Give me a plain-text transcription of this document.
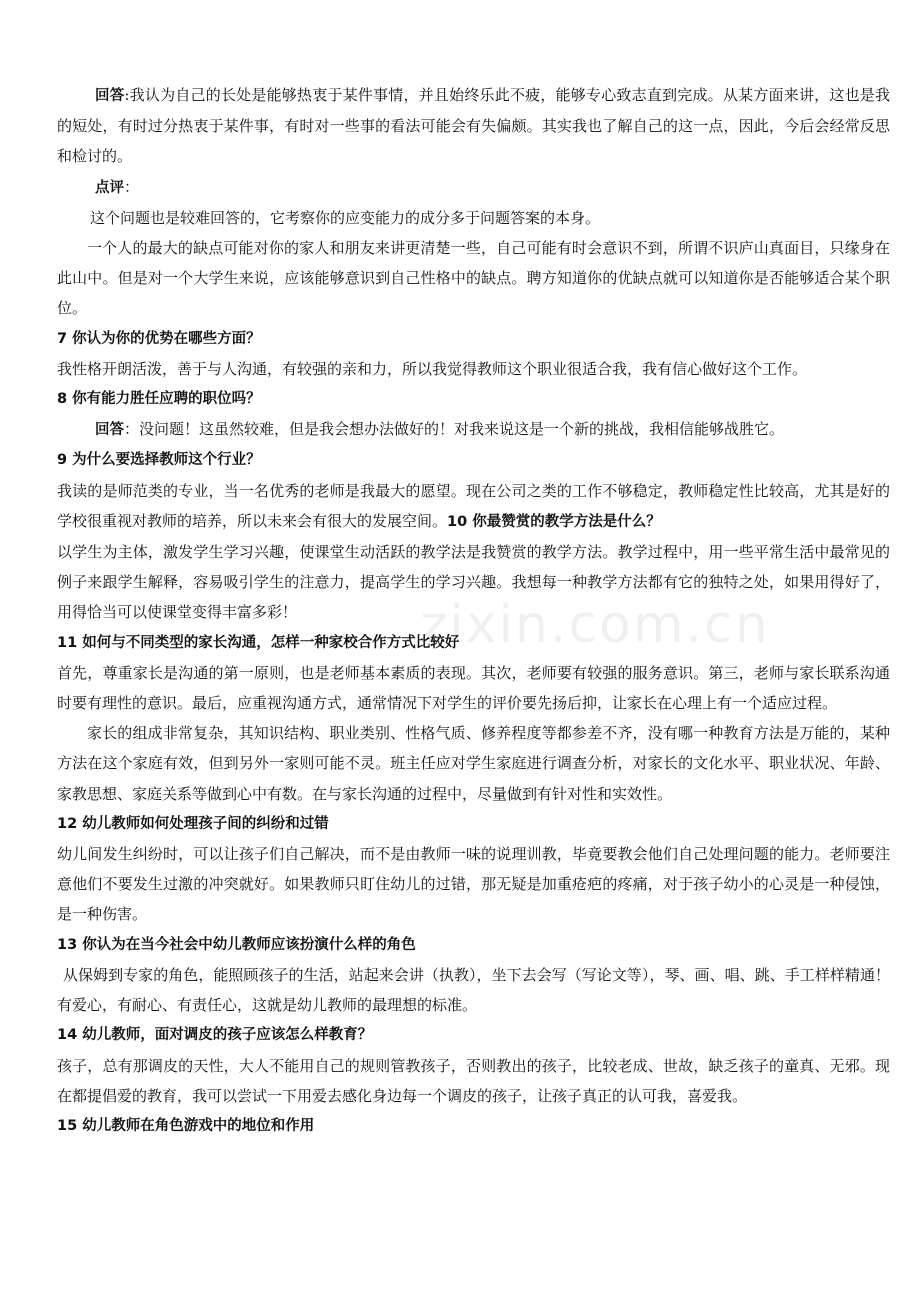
回答:我认为自己的长处是能够热衷于某件事情，并且始终乐此不疲，能够专心致志直到完成。从某方面来讲，这也是我的短处，有时过分热衷于某件事，有时对一些事的看法可能会有失偏颇。其实我也了解自己的这一点，因此，今后会经常反思和检讨的。

点评：

这个问题也是较难回答的，它考察你的应变能力的成分多于问题答案的本身。

一个人的最大的缺点可能对你的家人和朋友来讲更清楚一些，自己可能有时会意识不到，所谓不识庐山真面目，只缘身在此山中。但是对一个大学生来说，应该能够意识到自己性格中的缺点。聘方知道你的优缺点就可以知道你是否能够适合某个职位。

7 你认为你的优势在哪些方面？

我性格开朗活泼，善于与人沟通，有较强的亲和力，所以我觉得教师这个职业很适合我，我有信心做好这个工作。

8 你有能力胜任应聘的职位吗？

回答：没问题！这虽然较难，但是我会想办法做好的！对我来说这是一个新的挑战，我相信能够战胜它。

9 为什么要选择教师这个行业？

我读的是师范类的专业，当一名优秀的老师是我最大的愿望。现在公司之类的工作不够稳定，教师稳定性比较高，尤其是好的学校很重视对教师的培养，所以未来会有很大的发展空间。10 你最赞赏的教学方法是什么？

以学生为主体，激发学生学习兴趣，使课堂生动活跃的教学法是我赞赏的教学方法。教学过程中，用一些平常生活中最常见的例子来跟学生解释，容易吸引学生的注意力，提高学生的学习兴趣。我想每一种教学方法都有它的独特之处，如果用得好了，用得恰当可以使课堂变得丰富多彩！

11 如何与不同类型的家长沟通，怎样一种家校合作方式比较好

首先，尊重家长是沟通的第一原则，也是老师基本素质的表现。其次，老师要有较强的服务意识。第三，老师与家长联系沟通时要有理性的意识。最后，应重视沟通方式，通常情况下对学生的评价要先扬后抑，让家长在心理上有一个适应过程。

家长的组成非常复杂，其知识结构、职业类别、性格气质、修养程度等都参差不齐，没有哪一种教育方法是万能的，某种方法在这个家庭有效，但到另外一家则可能不灵。班主任应对学生家庭进行调查分析，对家长的文化水平、职业状况、年龄、家教思想、家庭关系等做到心中有数。在与家长沟通的过程中，尽量做到有针对性和实效性。

12 幼儿教师如何处理孩子间的纠纷和过错

幼儿间发生纠纷时，可以让孩子们自己解决，而不是由教师一味的说理训教，毕竟要教会他们自己处理问题的能力。老师要注意他们不要发生过激的冲突就好。如果教师只盯住幼儿的过错，那无疑是加重疮疤的疼痛，对于孩子幼小的心灵是一种侵蚀，是一种伤害。

13 你认为在当今社会中幼儿教师应该扮演什么样的角色

从保姆到专家的角色，能照顾孩子的生活，站起来会讲（执教），坐下去会写（写论文等），琴、画、唱、跳、手工样样精通！有爱心，有耐心、有责任心，这就是幼儿教师的最理想的标准。

14 幼儿教师，面对调皮的孩子应该怎么样教育？

孩子，总有那调皮的天性，大人不能用自己的规则管教孩子，否则教出的孩子，比较老成、世故，缺乏孩子的童真、无邪。现在都提倡爱的教育，我可以尝试一下用爱去感化身边每一个调皮的孩子，让孩子真正的认可我，喜爱我。

15 幼儿教师在角色游戏中的地位和作用

zixin.com.cn
